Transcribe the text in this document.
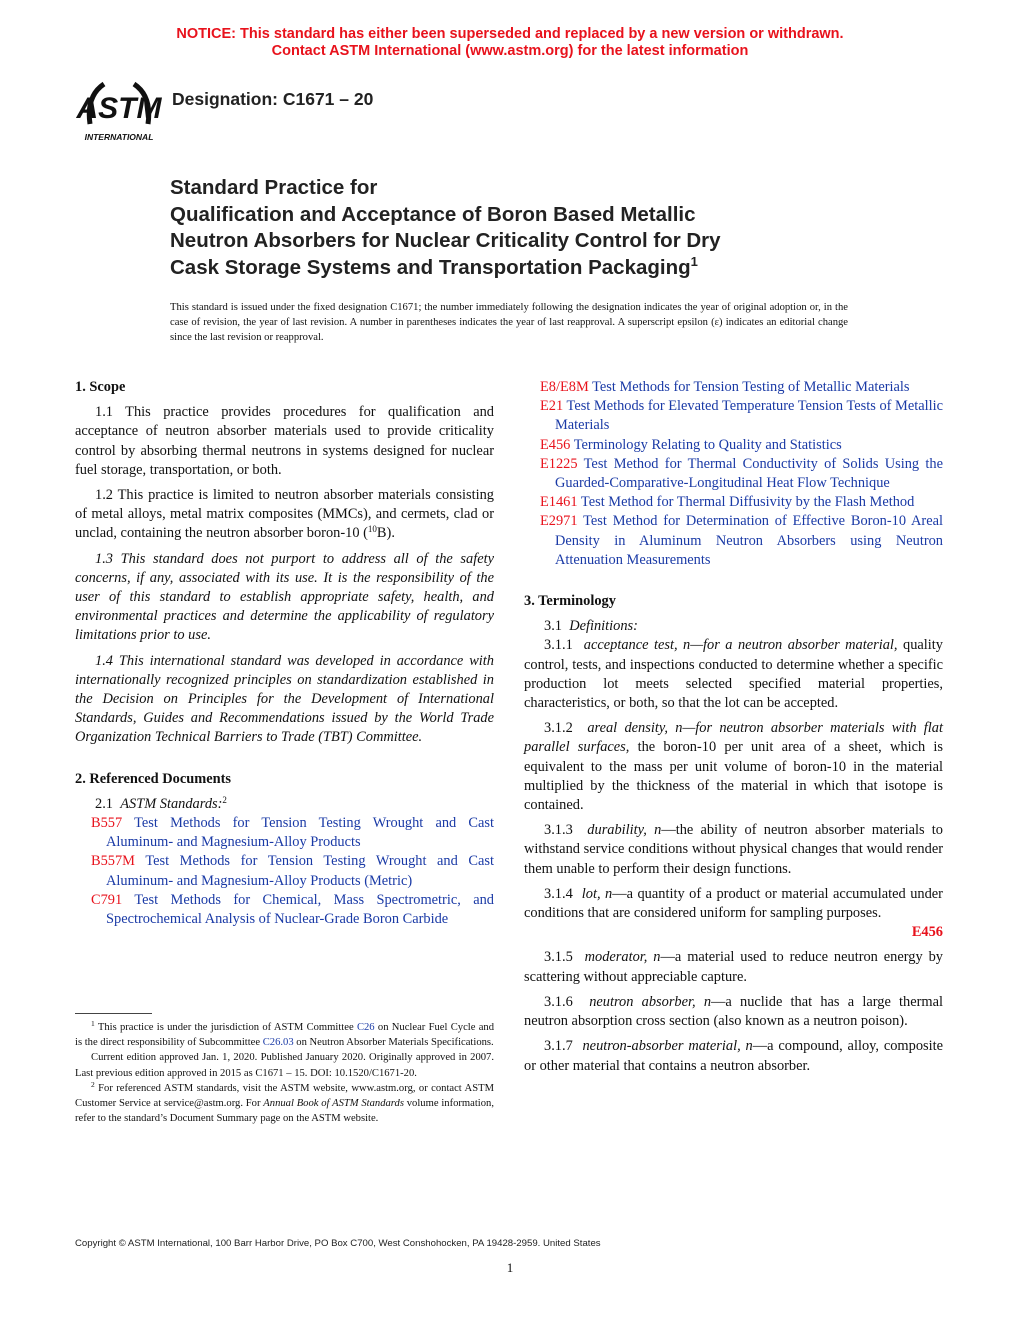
NOTICE: This standard has either been superseded and replaced by a new version or withdrawn.
Contact ASTM International (www.astm.org) for the latest information
ASTM
INTERNATIONAL
Designation: C1671 – 20
Standard Practice for
Qualification and Acceptance of Boron Based Metallic
Neutron Absorbers for Nuclear Criticality Control for Dry
Cask Storage Systems and Transportation Packaging$^1$
This standard is issued under the fixed designation C1671; the number immediately following the designation indicates the year of original adoption or, in the case of revision, the year of last revision. A number in parentheses indicates the year of last reapproval. A superscript epsilon (ε) indicates an editorial change since the last revision or reapproval.

1. Scope

1.1 This practice provides procedures for qualification and acceptance of neutron absorber materials used to provide criticality control by absorbing thermal neutrons in systems designed for nuclear fuel storage, transportation, or both.

1.2 This practice is limited to neutron absorber materials consisting of metal alloys, metal matrix composites (MMCs), and cermets, clad or unclad, containing the neutron absorber boron-10 ($^{10}$B).

1.3 This standard does not purport to address all of the safety concerns, if any, associated with its use. It is the responsibility of the user of this standard to establish appropriate safety, health, and environmental practices and determine the applicability of regulatory limitations prior to use.

1.4 This international standard was developed in accordance with internationally recognized principles on standardization established in the Decision on Principles for the Development of International Standards, Guides and Recommendations issued by the World Trade Organization Technical Barriers to Trade (TBT) Committee.

2. Referenced Documents

2.1 ASTM Standards:$^2$

B557 Test Methods for Tension Testing Wrought and Cast Aluminum- and Magnesium-Alloy Products

B557M Test Methods for Tension Testing Wrought and Cast Aluminum- and Magnesium-Alloy Products (Metric)

C791 Test Methods for Chemical, Mass Spectrometric, and Spectrochemical Analysis of Nuclear-Grade Boron Carbide

E8/E8M Test Methods for Tension Testing of Metallic Materials

E21 Test Methods for Elevated Temperature Tension Tests of Metallic Materials

E456 Terminology Relating to Quality and Statistics

E1225 Test Method for Thermal Conductivity of Solids Using the Guarded-Comparative-Longitudinal Heat Flow Technique

E1461 Test Method for Thermal Diffusivity by the Flash Method

E2971 Test Method for Determination of Effective Boron-10 Areal Density in Aluminum Neutron Absorbers using Neutron Attenuation Measurements

3. Terminology

3.1 Definitions:

3.1.1 acceptance test, n—for a neutron absorber material, quality control, tests, and inspections conducted to determine whether a specific production lot meets selected specified material properties, characteristics, or both, so that the lot can be accepted.

3.1.2 areal density, n—for neutron absorber materials with flat parallel surfaces, the boron-10 per unit area of a sheet, which is equivalent to the mass per unit volume of boron-10 in the material multiplied by the thickness of the material in which that isotope is contained.

3.1.3 durability, n—the ability of neutron absorber materials to withstand service conditions without physical changes that would render them unable to perform their design functions.

3.1.4 lot, n—a quantity of a product or material accumulated under conditions that are considered uniform for sampling purposes.

E456

3.1.5 moderator, n—a material used to reduce neutron energy by scattering without appreciable capture.

3.1.6 neutron absorber, n—a nuclide that has a large thermal neutron absorption cross section (also known as a neutron poison).

3.1.7 neutron-absorber material, n—a compound, alloy, composite or other material that contains a neutron absorber.

$^1$ This practice is under the jurisdiction of ASTM Committee C26 on Nuclear Fuel Cycle and is the direct responsibility of Subcommittee C26.03 on Neutron Absorber Materials Specifications.

Current edition approved Jan. 1, 2020. Published January 2020. Originally approved in 2007. Last previous edition approved in 2015 as C1671 – 15. DOI: 10.1520/C1671-20.

$^2$ For referenced ASTM standards, visit the ASTM website, www.astm.org, or contact ASTM Customer Service at service@astm.org. For Annual Book of ASTM Standards volume information, refer to the standard’s Document Summary page on the ASTM website.

Copyright © ASTM International, 100 Barr Harbor Drive, PO Box C700, West Conshohocken, PA 19428-2959. United States
1
